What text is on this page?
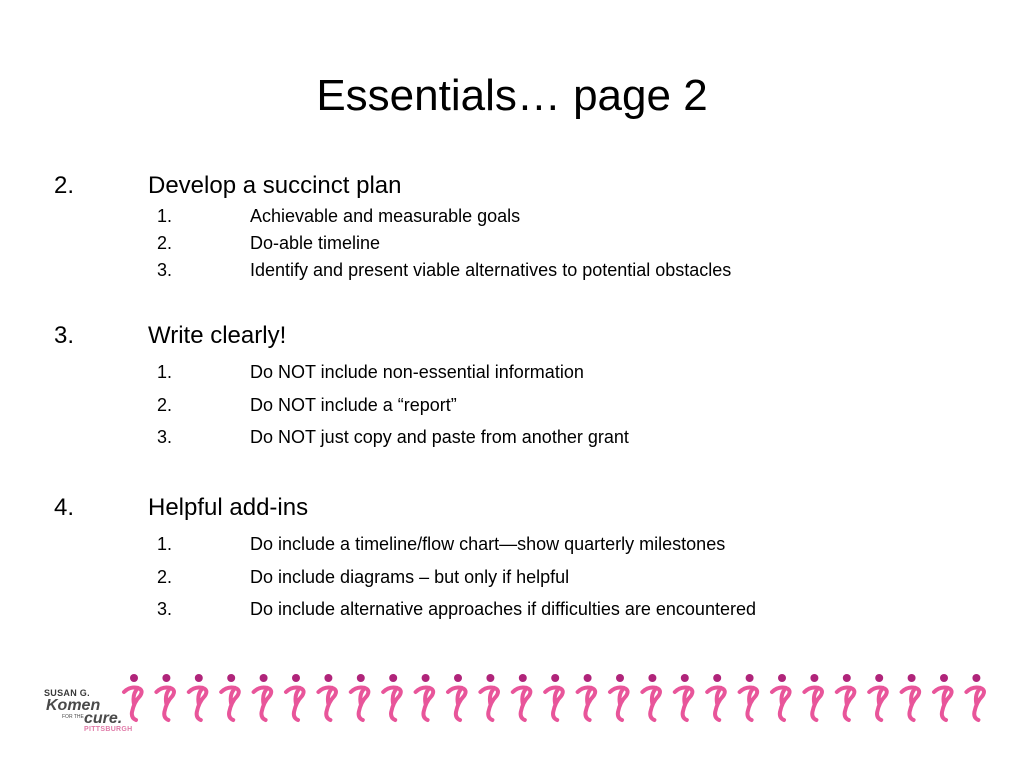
Essentials… page 2
2.	Develop a succinct plan
1.	Achievable and measurable goals
2.	Do-able timeline
3.	Identify and present viable alternatives to potential obstacles
3.	Write clearly!
1.	Do NOT include non-essential information
2.	Do NOT include a “report”
3.	Do NOT just copy and paste from another grant
4.	Helpful add-ins
1.	Do include a timeline/flow chart—show quarterly milestones
2.	Do include diagrams – but only if helpful
3.	Do include alternative approaches if difficulties are encountered
SUSAN G.
Komen
FOR THE cure.
PITTSBURGH
